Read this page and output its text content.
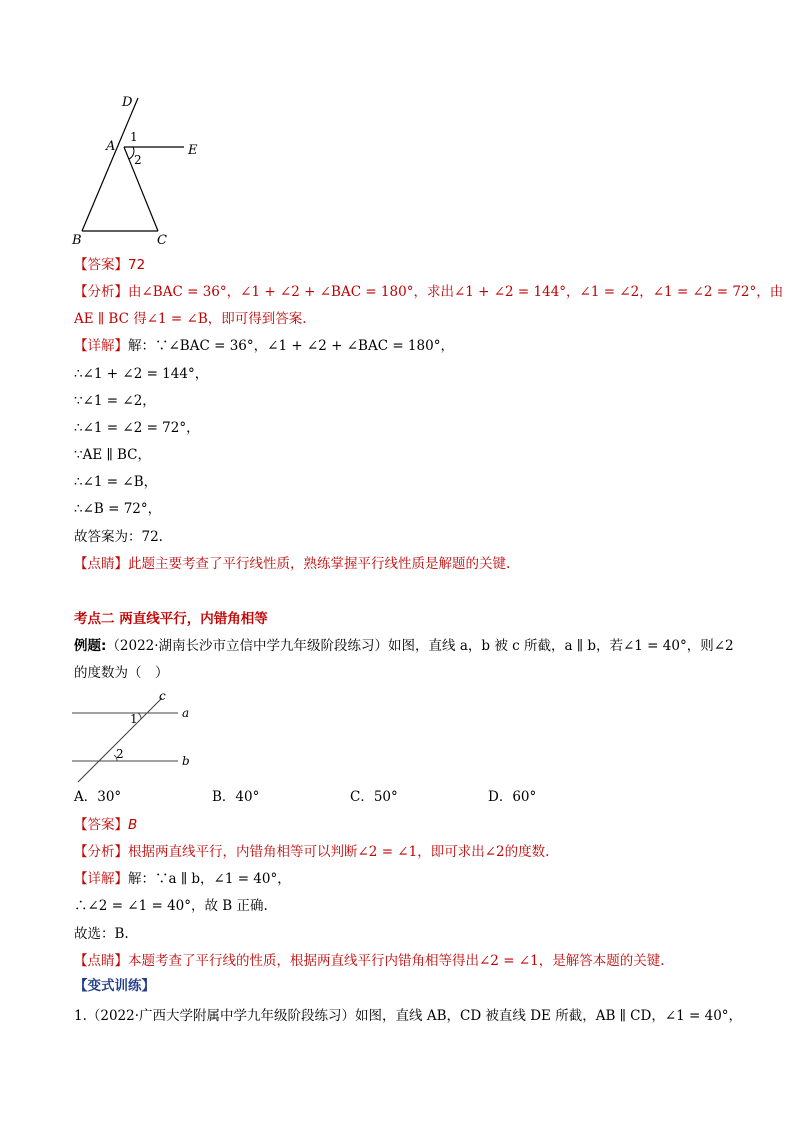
D
A	E
B	C
1
2
【答案】72
【分析】由∠BAC = 36°，∠1 + ∠2 + ∠BAC = 180°，求出∠1 + ∠2 = 144°，∠1 = ∠2，∠1 = ∠2 = 72°，由
AE ∥ BC 得∠1 = ∠B，即可得到答案.
【详解】解：∵∠BAC = 36°，∠1 + ∠2 + ∠BAC = 180°，
∴∠1 + ∠2 = 144°，
∵∠1 = ∠2，
∴∠1 = ∠2 = 72°，
∵AE ∥ BC，
∴∠1 = ∠B，
∴∠B = 72°，
故答案为：72.
【点睛】此题主要考查了平行线性质，熟练掌握平行线性质是解题的关键.
考点二 两直线平行，内错角相等
例题:（2022·湖南长沙市立信中学九年级阶段练习）如图，直线 a，b 被 c 所截，a ∥ b，若∠1 = 40°，则∠2
的度数为（　）
c
a
b
1
2
A．30°	B．40°	C．50°	D．60°
【答案】B
【分析】根据两直线平行，内错角相等可以判断∠2 = ∠1，即可求出∠2的度数.
【详解】解：∵a ∥ b，∠1 = 40°，
∴∠2 = ∠1 = 40°，故 B 正确.
故选：B.
【点睛】本题考查了平行线的性质，根据两直线平行内错角相等得出∠2 = ∠1，是解答本题的关键.
【变式训练】
1.（2022·广西大学附属中学九年级阶段练习）如图，直线 AB，CD 被直线 DE 所截，AB ∥ CD，∠1 = 40°，
